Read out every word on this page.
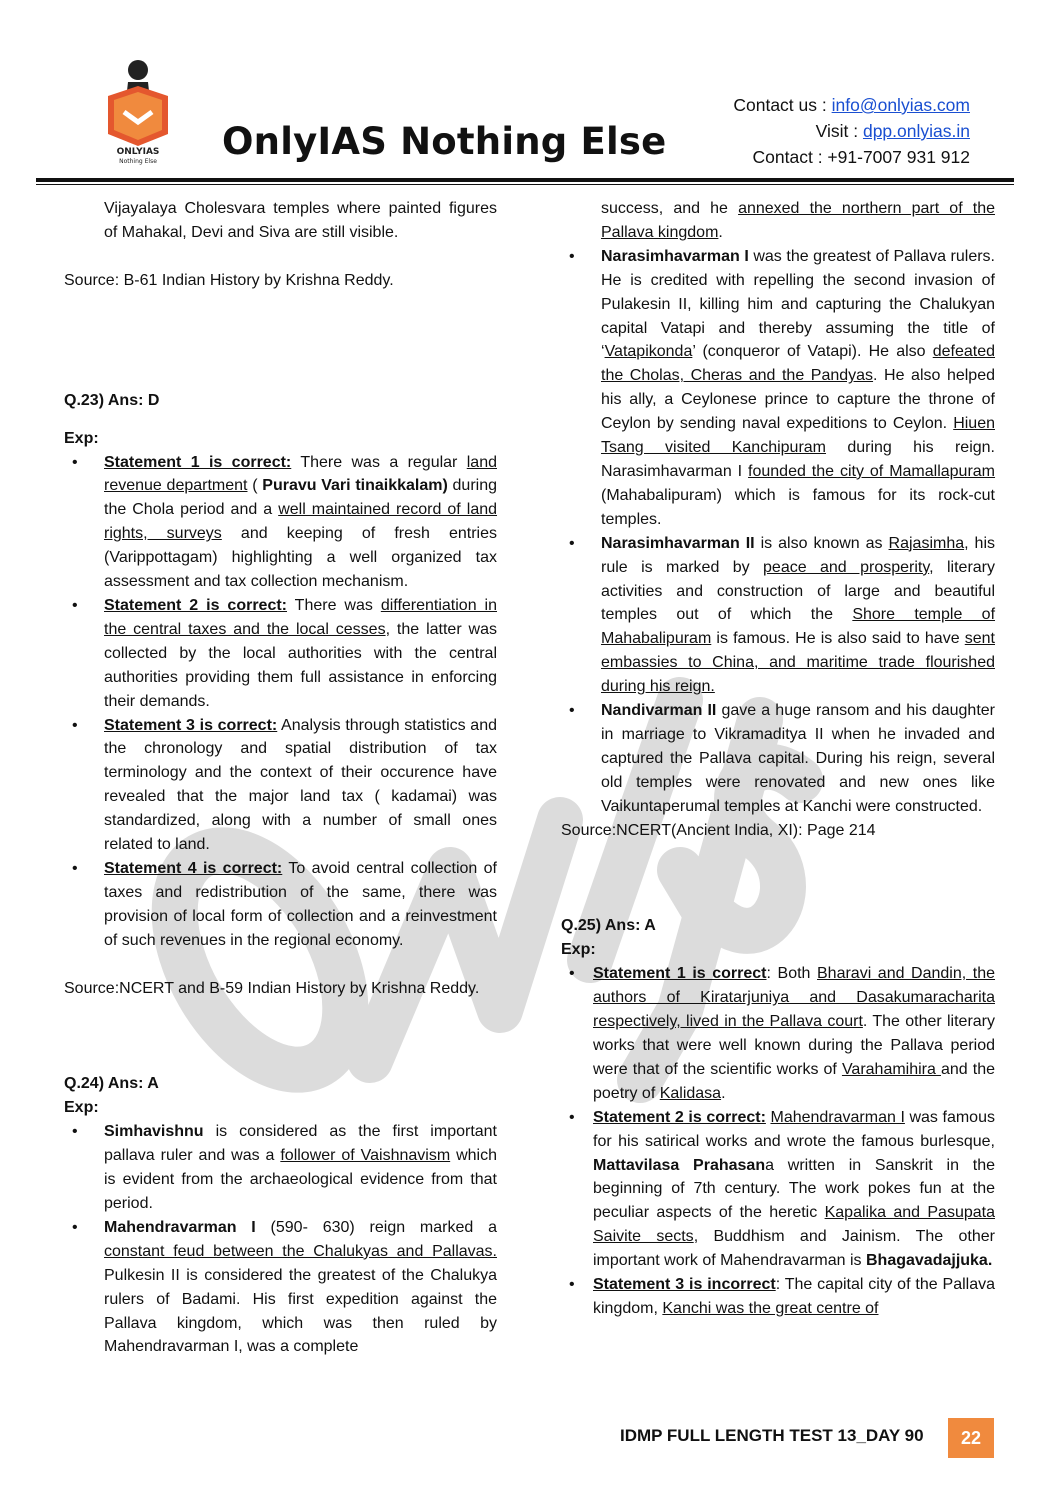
ONLYIAS
Nothing Else OnlyIAS Nothing Else
Contact us : info@onlyias.com
Visit : dpp.onlyias.in
Contact : +91-7007 931 912

Vijayalaya Cholesvara temples where painted figures of Mahakal, Devi and Siva are still visible.

Source: B-61 Indian History by Krishna Reddy.

Q.23) Ans: D

Exp:

• Statement 1 is correct: There was a regular land revenue department ( Puravu Vari tinaikkalam) during the Chola period and a well maintained record of land rights, surveys and keeping of fresh entries (Varippottagam) highlighting a well organized tax assessment and tax collection mechanism.
• Statement 2 is correct: There was differentiation in the central taxes and the local cesses, the latter was collected by the local authorities with the central authorities providing them full assistance in enforcing their demands.
• Statement 3 is correct: Analysis through statistics and the chronology and spatial distribution of tax terminology and the context of their occurence have revealed that the major land tax ( kadamai) was standardized, along with a number of small ones related to land.
• Statement 4 is correct: To avoid central collection of taxes and redistribution of the same, there was provision of local form of collection and a reinvestment of such revenues in the regional economy.

Source:NCERT and B-59 Indian History by Krishna Reddy.

Q.24) Ans: A

Exp:

• Simhavishnu is considered as the first important pallava ruler and was a follower of Vaishnavism which is evident from the archaeological evidence from that period.
• Mahendravarman I (590- 630) reign marked a constant feud between the Chalukyas and Pallavas. Pulkesin II is considered the greatest of the Chalukya rulers of Badami. His first expedition against the Pallava kingdom, which was then ruled by Mahendravarman I, was a complete

success, and he annexed the northern part of the Pallava kingdom.

• Narasimhavarman I was the greatest of Pallava rulers. He is credited with repelling the second invasion of Pulakesin II, killing him and capturing the Chalukyan capital Vatapi and thereby assuming the title of ‘Vatapikonda’ (conqueror of Vatapi). He also defeated the Cholas, Cheras and the Pandyas. He also helped his ally, a Ceylonese prince to capture the throne of Ceylon by sending naval expeditions to Ceylon. Hiuen Tsang visited Kanchipuram during his reign. Narasimhavarman I founded the city of Mamallapuram (Mahabalipuram) which is famous for its rock-cut temples.
• Narasimhavarman II is also known as Rajasimha, his rule is marked by peace and prosperity, literary activities and construction of large and beautiful temples out of which the Shore temple of Mahabalipuram is famous. He is also said to have sent embassies to China, and maritime trade flourished during his reign.
• Nandivarman II gave a huge ransom and his daughter in marriage to Vikramaditya II when he invaded and captured the Pallava capital. During his reign, several old temples were renovated and new ones like Vaikuntaperumal temples at Kanchi were constructed.

Source:NCERT(Ancient India, XI): Page 214

Q.25) Ans: A

Exp:

• Statement 1 is correct: Both Bharavi and Dandin, the authors of Kiratarjuniya and Dasakumaracharita respectively, lived in the Pallava court. The other literary works that were well known during the Pallava period were that of the scientific works of Varahamihira and the poetry of Kalidasa.
• Statement 2 is correct: Mahendravarman I was famous for his satirical works and wrote the famous burlesque, Mattavilasa Prahasana written in Sanskrit in the beginning of 7th century. The work pokes fun at the peculiar aspects of the heretic Kapalika and Pasupata Saivite sects, Buddhism and Jainism. The other important work of Mahendravarman is Bhagavadajjuka.
• Statement 3 is incorrect: The capital city of the Pallava kingdom, Kanchi was the great centre of
IDMP FULL LENGTH TEST 13_DAY 90	22
